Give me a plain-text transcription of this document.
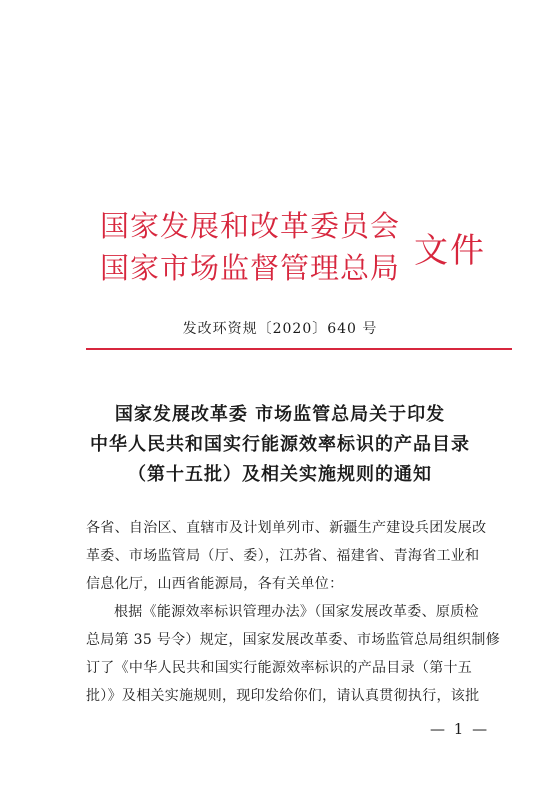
国家发展和改革委员会
国家市场监督管理总局 文件
发改环资规〔2020〕640 号
国家发展改革委 市场监管总局关于印发
中华人民共和国实行能源效率标识的产品目录
（第十五批）及相关实施规则的通知
各省、自治区、直辖市及计划单列市、新疆生产建设兵团发展改
革委、市场监管局（厅、委），江苏省、福建省、青海省工业和
信息化厅，山西省能源局，各有关单位：
根据《能源效率标识管理办法》（国家发展改革委、原质检
总局第 35 号令）规定，国家发展改革委、市场监管总局组织制修
订了《中华人民共和国实行能源效率标识的产品目录（第十五
批）》及相关实施规则，现印发给你们，请认真贯彻执行，该批
— 1 —
